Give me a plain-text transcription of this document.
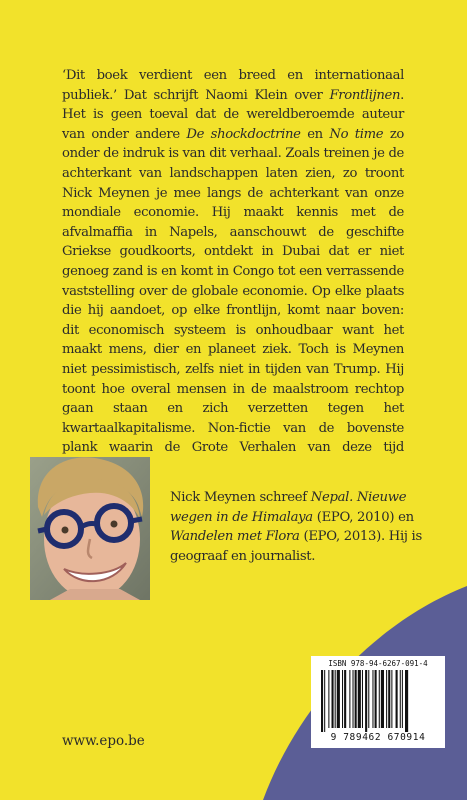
‘Dit boek verdient een breed en internationaal publiek.’ Dat schrijft Naomi Klein over Frontlijnen. Het is geen toeval dat de wereldberoemde auteur van onder andere De shockdoctrine en No time zo onder de indruk is van dit verhaal. Zoals treinen je de achterkant van landschappen laten zien, zo troont Nick Meynen je mee langs de achterkant van onze mondiale economie. Hij maakt kennis met de afvalmaffia in Napels, aanschouwt de geschifte Griekse goudkoorts, ontdekt in Dubai dat er niet genoeg zand is en komt in Congo tot een verrassende vaststelling over de globale economie. Op elke plaats die hij aandoet, op elke frontlijn, komt naar boven: dit economisch systeem is onhoudbaar want het maakt mens, dier en planeet ziek. Toch is Meynen niet pessimistisch, zelfs niet in tijden van Trump. Hij toont hoe overal mensen in de maalstroom rechtop gaan staan en zich verzetten tegen het kwartaalkapitalisme. Non-fictie van de bovenste plank waarin de Grote Verhalen van deze tijd

Nick Meynen schreef Nepal. Nieuwe wegen in de Himalaya (EPO, 2010) en Wandelen met Flora (EPO, 2013). Hij is geograaf en journalist.

ISBN 978-94-6267-091-4
9 789462 670914
www.epo.be
